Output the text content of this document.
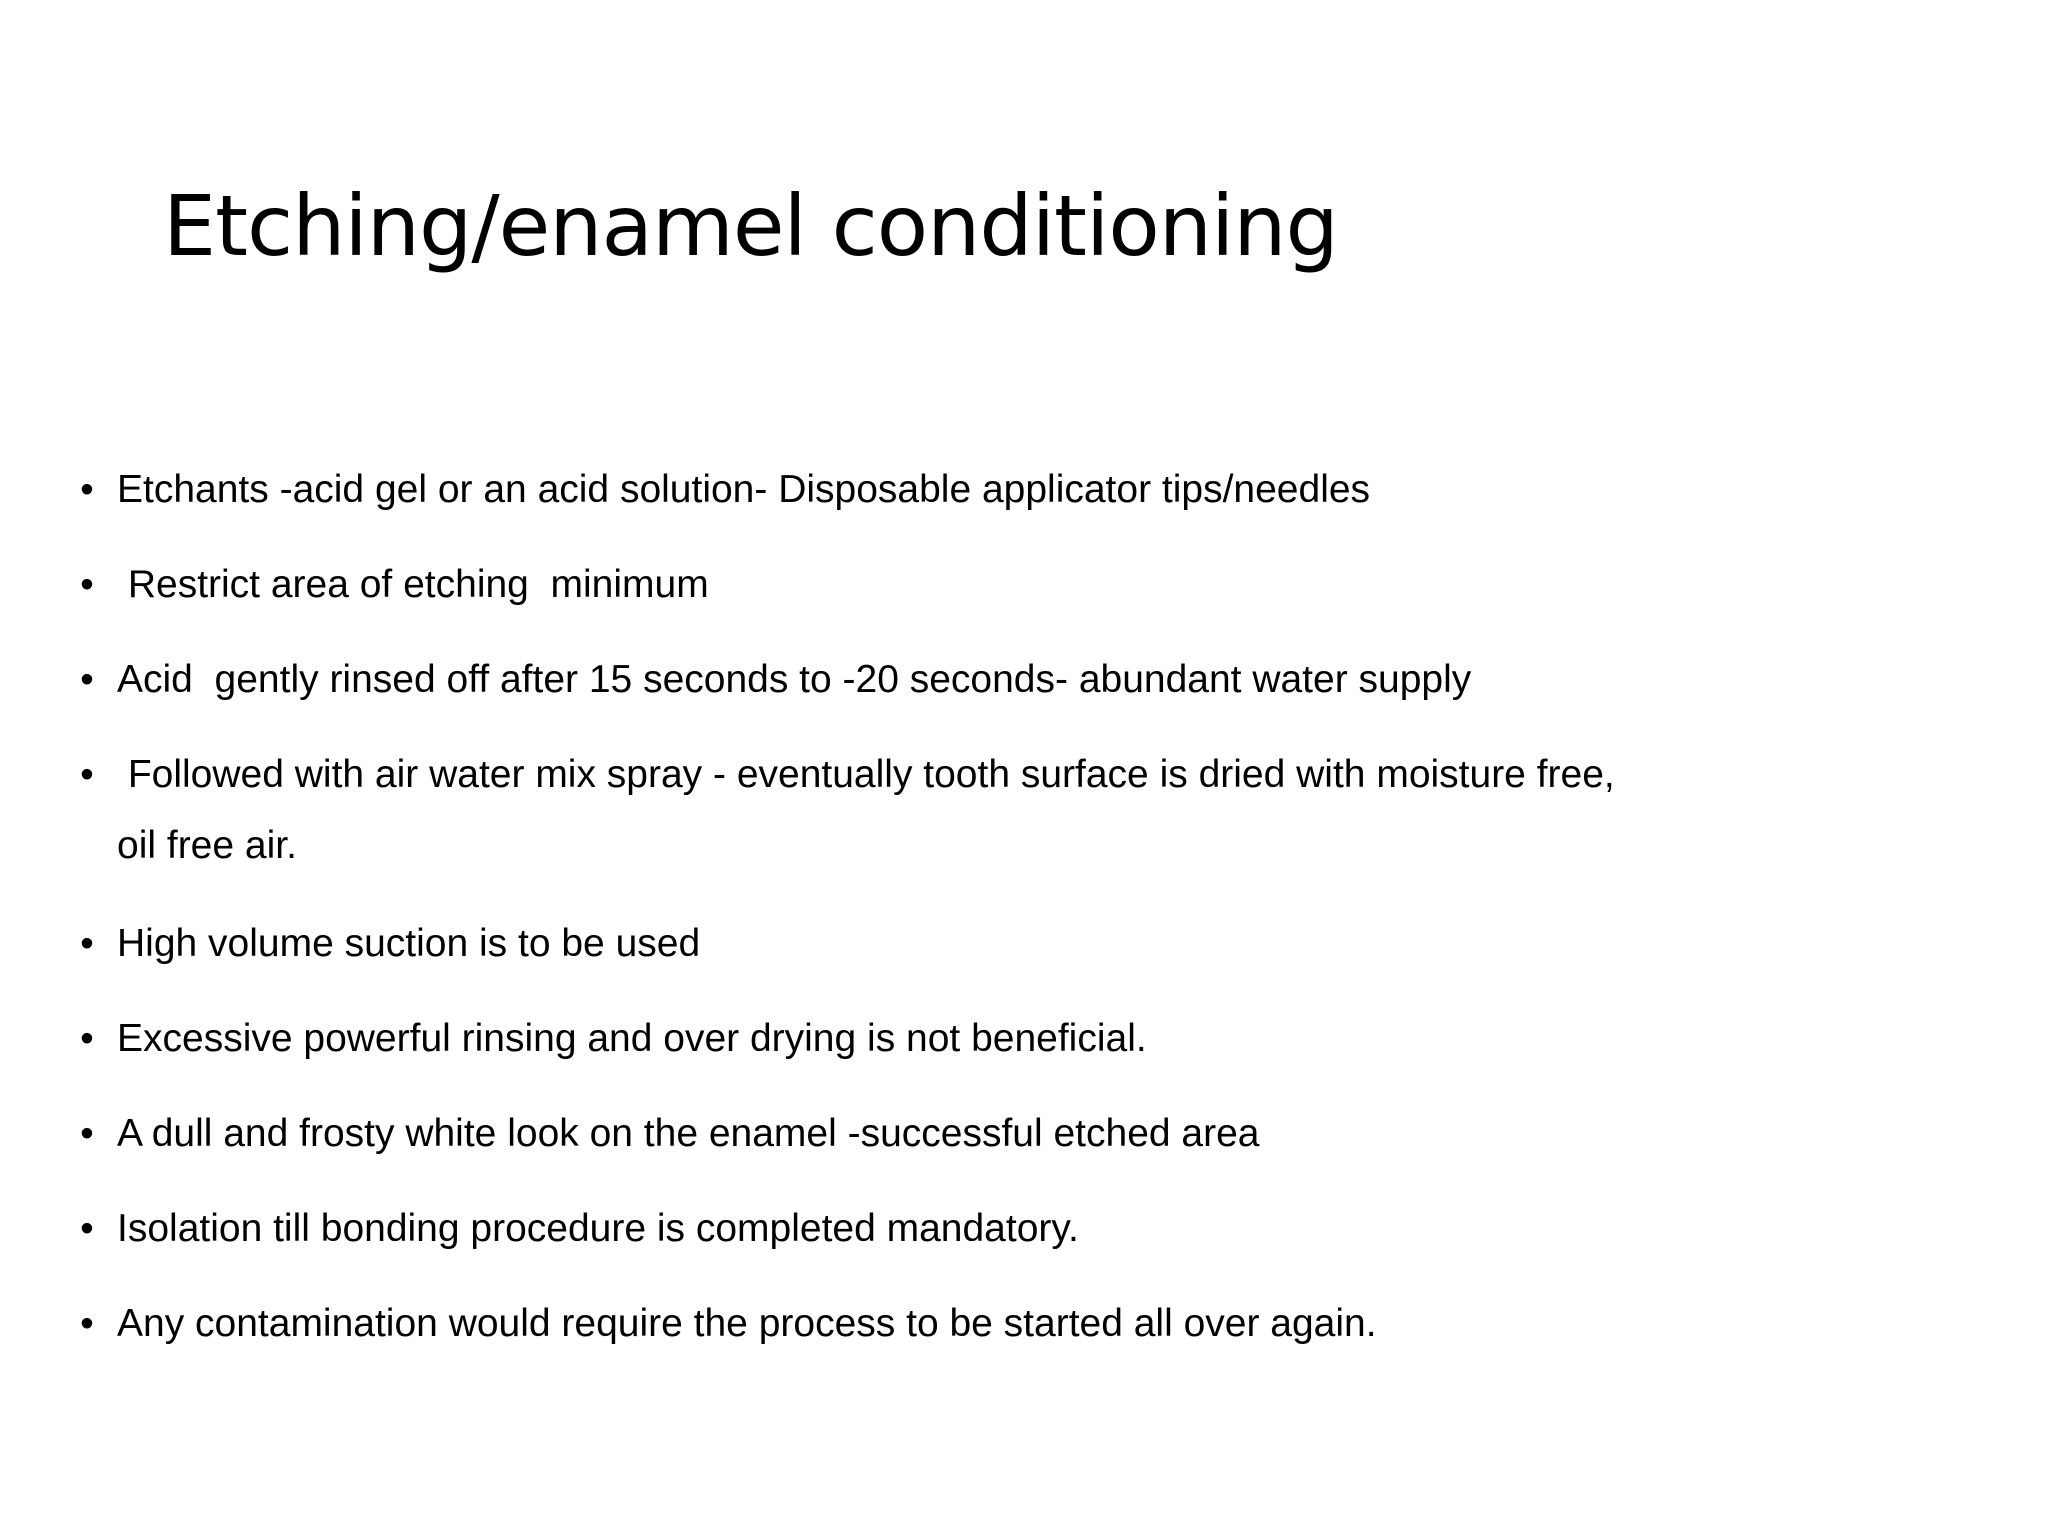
Etching/enamel conditioning
• Etchants -acid gel or an acid solution- Disposable applicator tips/needles
• Restrict area of etching  minimum
• Acid  gently rinsed off after 15 seconds to -20 seconds- abundant water supply
• Followed with air water mix spray - eventually tooth surface is dried with moisture free,
oil free air.
• High volume suction is to be used
• Excessive powerful rinsing and over drying is not beneficial.
• A dull and frosty white look on the enamel -successful etched area
• Isolation till bonding procedure is completed mandatory.
• Any contamination would require the process to be started all over again.
